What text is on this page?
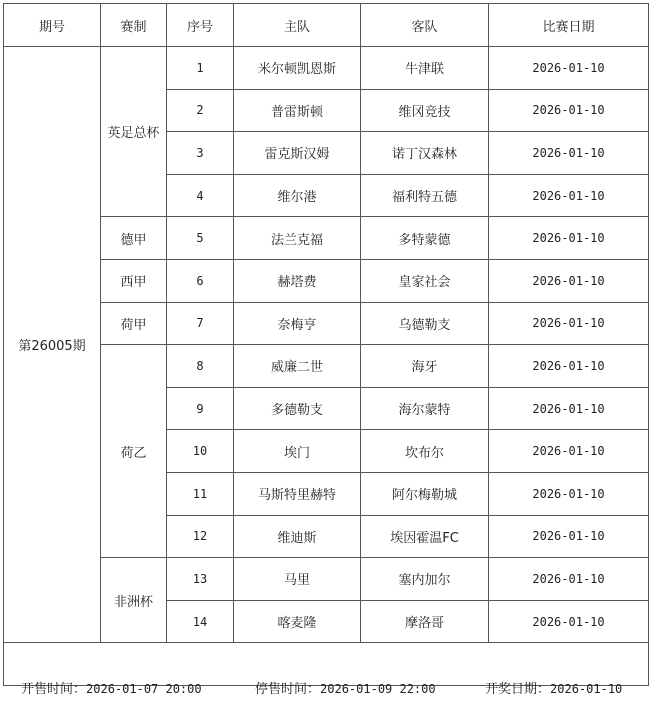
期号	赛制	序号	主队	客队	比赛日期
第26005期	英足总杯	1	米尔顿凯恩斯	牛津联	2026-01-10
		2	普雷斯顿	维冈竞技	2026-01-10
		3	雷克斯汉姆	诺丁汉森林	2026-01-10
		4	维尔港	福利特五德	2026-01-10
	德甲	5	法兰克福	多特蒙德	2026-01-10
	西甲	6	赫塔费	皇家社会	2026-01-10
	荷甲	7	奈梅亨	乌德勒支	2026-01-10
	荷乙	8	威廉二世	海牙	2026-01-10
		9	多德勒支	海尔蒙特	2026-01-10
		10	埃门	坎布尔	2026-01-10
		11	马斯特里赫特	阿尔梅勒城	2026-01-10
		12	维迪斯	埃因霍温FC	2026-01-10
	非洲杯	13	马里	塞内加尔	2026-01-10
		14	喀麦隆	摩洛哥	2026-01-10

开售时间：2026-01-07 20:00	停售时间：2026-01-09 22:00	开奖日期：2026-01-10
